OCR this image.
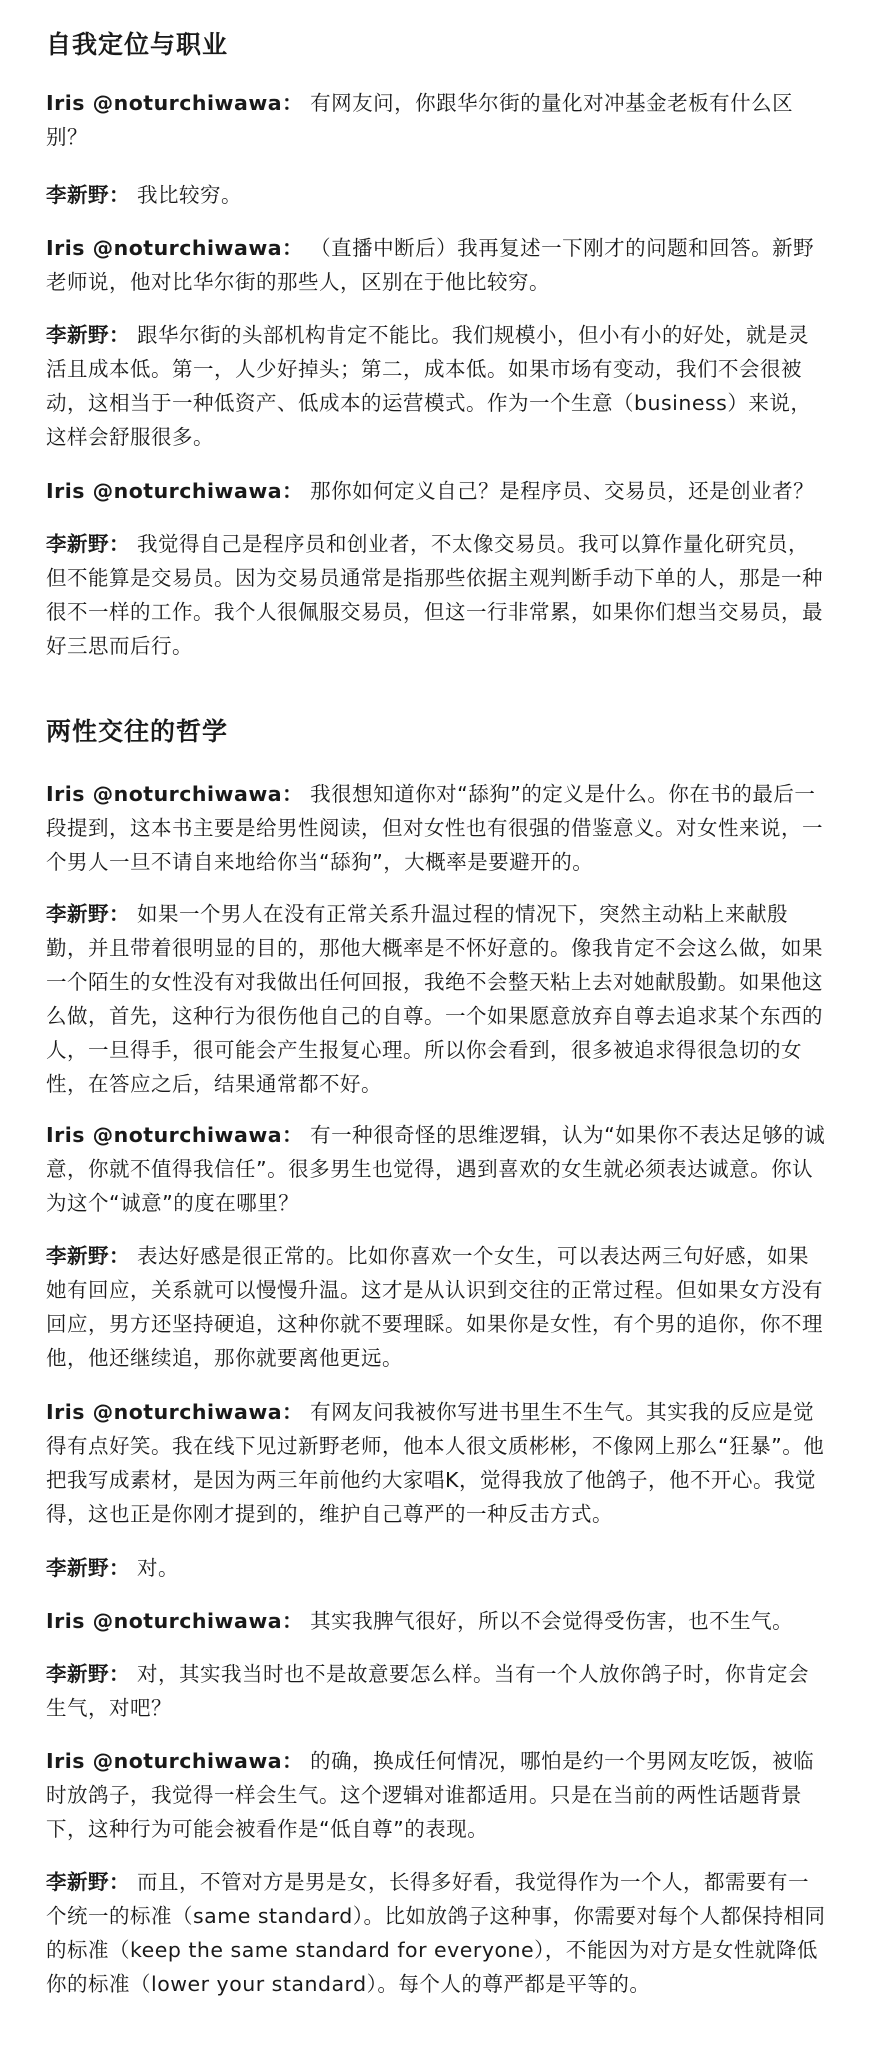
自我定位与职业

Iris @noturchiwawa： 有网友问，你跟华尔街的量化对冲基金老板有什么区别？

李新野： 我比较穷。

Iris @noturchiwawa： （直播中断后）我再复述一下刚才的问题和回答。新野老师说，他对比华尔街的那些人，区别在于他比较穷。

李新野： 跟华尔街的头部机构肯定不能比。我们规模小，但小有小的好处，就是灵活且成本低。第一，人少好掉头；第二，成本低。如果市场有变动，我们不会很被动，这相当于一种低资产、低成本的运营模式。作为一个生意（business）来说，这样会舒服很多。

Iris @noturchiwawa： 那你如何定义自己？是程序员、交易员，还是创业者？

李新野： 我觉得自己是程序员和创业者，不太像交易员。我可以算作量化研究员，但不能算是交易员。因为交易员通常是指那些依据主观判断手动下单的人，那是一种很不一样的工作。我个人很佩服交易员，但这一行非常累，如果你们想当交易员，最好三思而后行。

两性交往的哲学

Iris @noturchiwawa： 我很想知道你对“舔狗”的定义是什么。你在书的最后一段提到，这本书主要是给男性阅读，但对女性也有很强的借鉴意义。对女性来说，一个男人一旦不请自来地给你当“舔狗”，大概率是要避开的。

李新野： 如果一个男人在没有正常关系升温过程的情况下，突然主动粘上来献殷勤，并且带着很明显的目的，那他大概率是不怀好意的。像我肯定不会这么做，如果一个陌生的女性没有对我做出任何回报，我绝不会整天粘上去对她献殷勤。如果他这么做，首先，这种行为很伤他自己的自尊。一个如果愿意放弃自尊去追求某个东西的人，一旦得手，很可能会产生报复心理。所以你会看到，很多被追求得很急切的女性，在答应之后，结果通常都不好。

Iris @noturchiwawa： 有一种很奇怪的思维逻辑，认为“如果你不表达足够的诚意，你就不值得我信任”。很多男生也觉得，遇到喜欢的女生就必须表达诚意。你认为这个“诚意”的度在哪里？

李新野： 表达好感是很正常的。比如你喜欢一个女生，可以表达两三句好感，如果她有回应，关系就可以慢慢升温。这才是从认识到交往的正常过程。但如果女方没有回应，男方还坚持硬追，这种你就不要理睬。如果你是女性，有个男的追你，你不理他，他还继续追，那你就要离他更远。

Iris @noturchiwawa： 有网友问我被你写进书里生不生气。其实我的反应是觉得有点好笑。我在线下见过新野老师，他本人很文质彬彬，不像网上那么“狂暴”。他把我写成素材，是因为两三年前他约大家唱K，觉得我放了他鸽子，他不开心。我觉得，这也正是你刚才提到的，维护自己尊严的一种反击方式。

李新野： 对。

Iris @noturchiwawa： 其实我脾气很好，所以不会觉得受伤害，也不生气。

李新野： 对，其实我当时也不是故意要怎么样。当有一个人放你鸽子时，你肯定会生气，对吧？

Iris @noturchiwawa： 的确，换成任何情况，哪怕是约一个男网友吃饭，被临时放鸽子，我觉得一样会生气。这个逻辑对谁都适用。只是在当前的两性话题背景下，这种行为可能会被看作是“低自尊”的表现。

李新野： 而且，不管对方是男是女，长得多好看，我觉得作为一个人，都需要有一个统一的标准（same standard）。比如放鸽子这种事，你需要对每个人都保持相同的标准（keep the same standard for everyone），不能因为对方是女性就降低你的标准（lower your standard）。每个人的尊严都是平等的。
